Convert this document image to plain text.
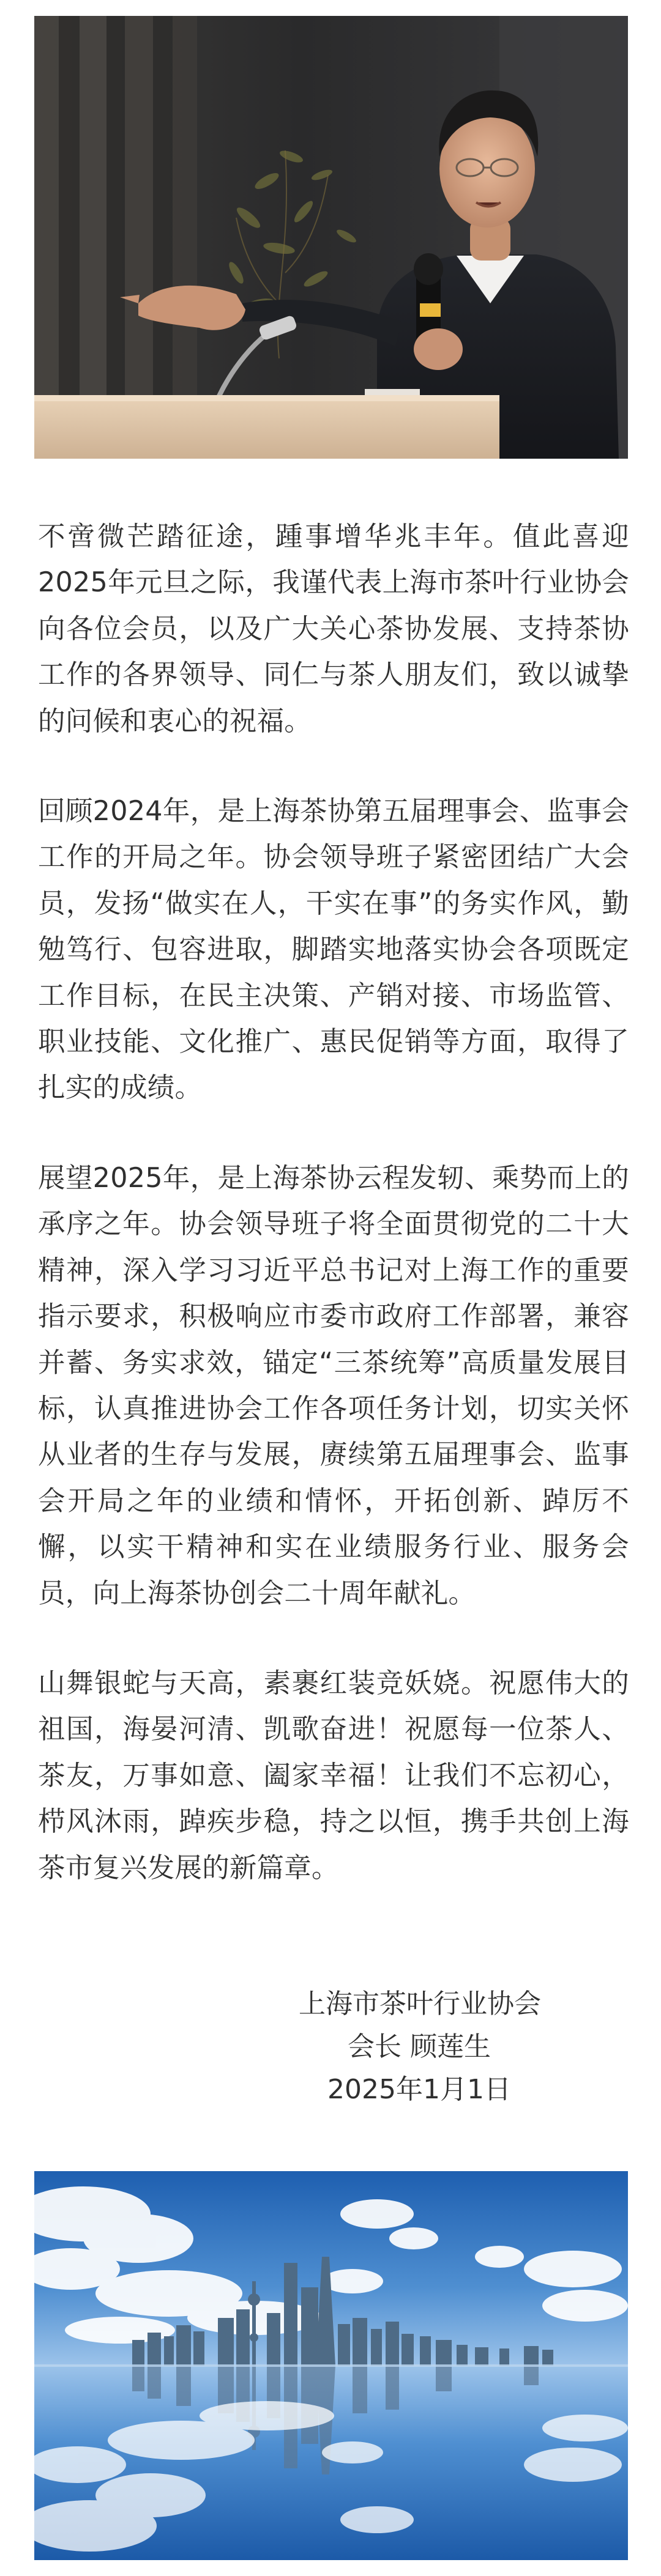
不啻微芒踏征途，踵事增华兆丰年。值此喜迎2025年元旦之际，我谨代表上海市茶叶行业协会向各位会员，以及广大关心茶协发展、支持茶协工作的各界领导、同仁与茶人朋友们，致以诚挚的问候和衷心的祝福。

回顾2024年，是上海茶协第五届理事会、监事会工作的开局之年。协会领导班子紧密团结广大会员，发扬“做实在人，干实在事”的务实作风，勤勉笃行、包容进取，脚踏实地落实协会各项既定工作目标，在民主决策、产销对接、市场监管、职业技能、文化推广、惠民促销等方面，取得了扎实的成绩。

展望2025年，是上海茶协云程发轫、乘势而上的承序之年。协会领导班子将全面贯彻党的二十大精神，深入学习习近平总书记对上海工作的重要指示要求，积极响应市委市政府工作部署，兼容并蓄、务实求效，锚定“三茶统筹”高质量发展目标，认真推进协会工作各项任务计划，切实关怀从业者的生存与发展，赓续第五届理事会、监事会开局之年的业绩和情怀，开拓创新、踔厉不懈，以实干精神和实在业绩服务行业、服务会员，向上海茶协创会二十周年献礼。

山舞银蛇与天高，素裹红装竞妖娆。祝愿伟大的祖国，海晏河清、凯歌奋进！祝愿每一位茶人、茶友，万事如意、阖家幸福！让我们不忘初心，栉风沐雨，踔疾步稳，持之以恒，携手共创上海茶市复兴发展的新篇章。

上海市茶叶行业协会
会长 顾莲生
2025年1月1日
